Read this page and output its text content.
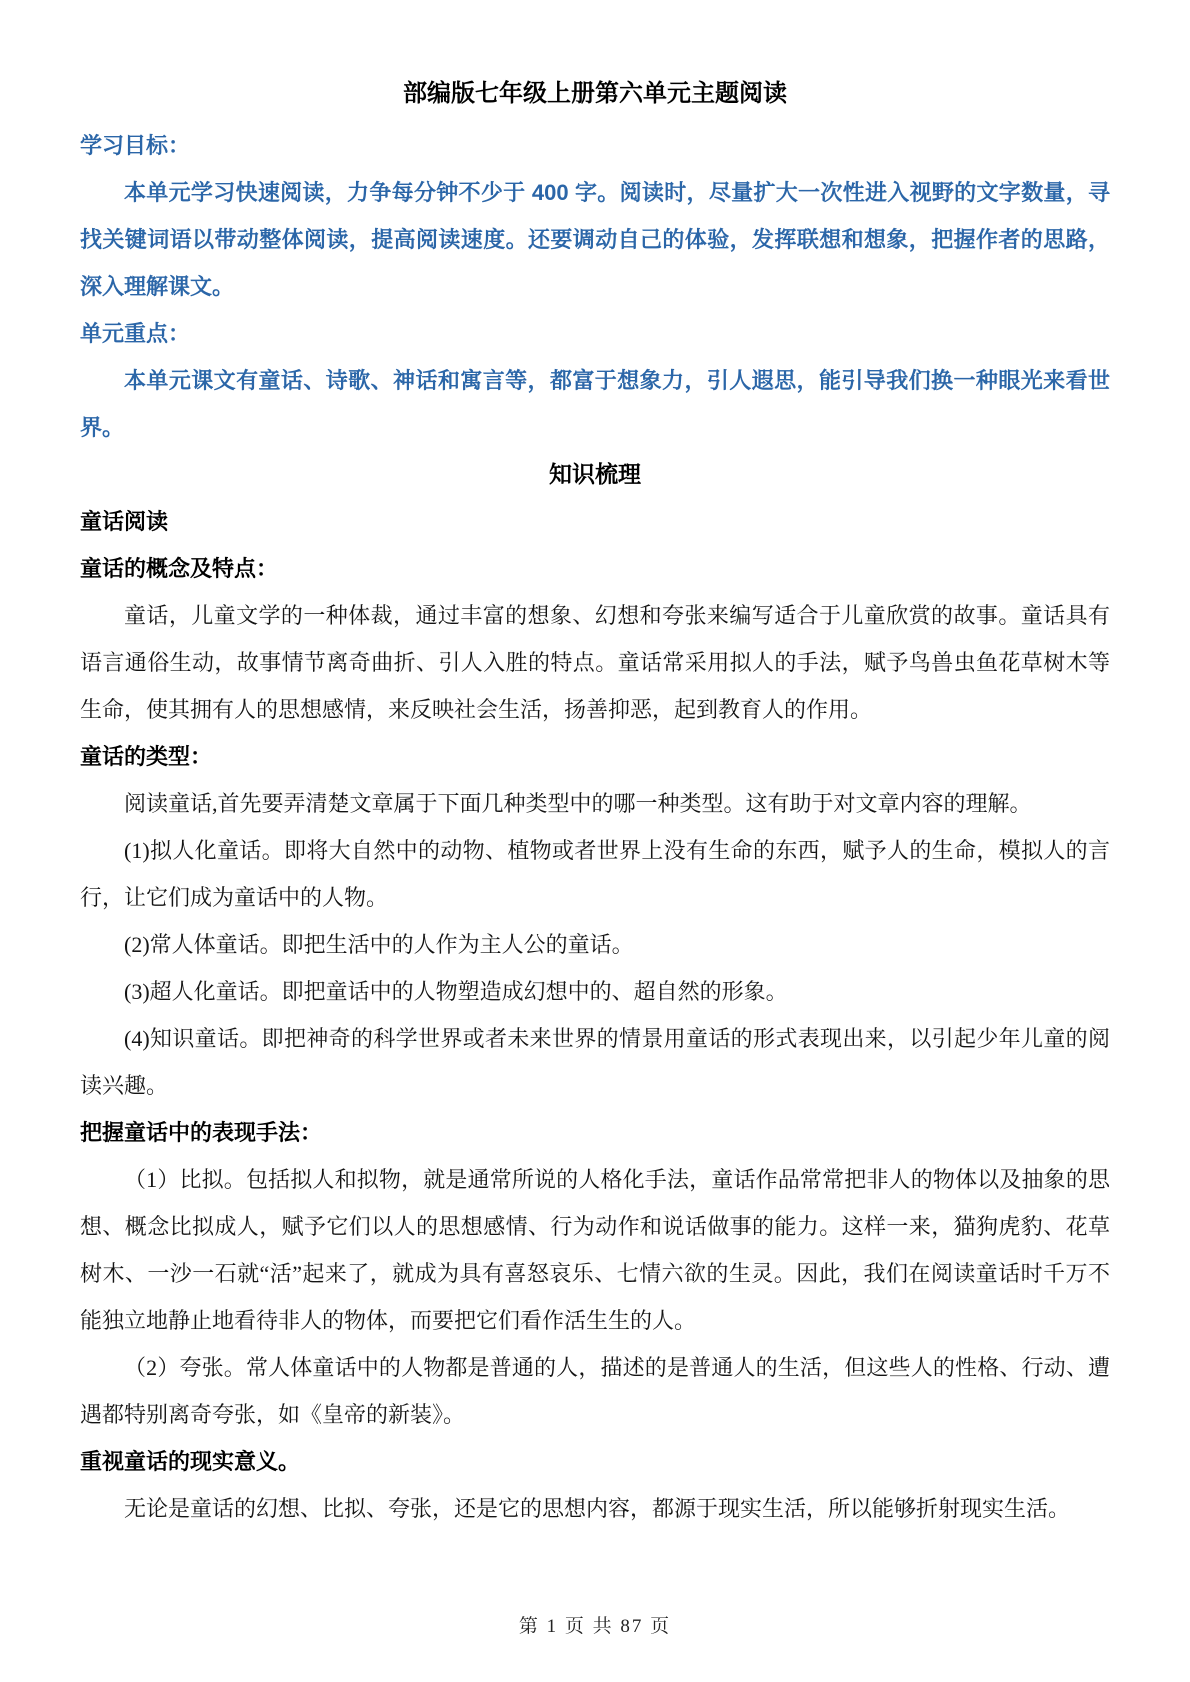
部编版七年级上册第六单元主题阅读
学习目标：

本单元学习快速阅读，力争每分钟不少于 400 字。阅读时，尽量扩大一次性进入视野的文字数量，寻找关键词语以带动整体阅读，提高阅读速度。还要调动自己的体验，发挥联想和想象，把握作者的思路，深入理解课文。

单元重点：

本单元课文有童话、诗歌、神话和寓言等，都富于想象力，引人遐思，能引导我们换一种眼光来看世界。

知识梳理
童话阅读
童话的概念及特点：

童话，儿童文学的一种体裁，通过丰富的想象、幻想和夸张来编写适合于儿童欣赏的故事。童话具有语言通俗生动，故事情节离奇曲折、引人入胜的特点。童话常采用拟人的手法，赋予鸟兽虫鱼花草树木等生命，使其拥有人的思想感情，来反映社会生活，扬善抑恶，起到教育人的作用。

童话的类型：

阅读童话,首先要弄清楚文章属于下面几种类型中的哪一种类型。这有助于对文章内容的理解。

(1)拟人化童话。即将大自然中的动物、植物或者世界上没有生命的东西，赋予人的生命，模拟人的言行，让它们成为童话中的人物。

(2)常人体童话。即把生活中的人作为主人公的童话。

(3)超人化童话。即把童话中的人物塑造成幻想中的、超自然的形象。

(4)知识童话。即把神奇的科学世界或者未来世界的情景用童话的形式表现出来，以引起少年儿童的阅读兴趣。

把握童话中的表现手法：

（1）比拟。包括拟人和拟物，就是通常所说的人格化手法，童话作品常常把非人的物体以及抽象的思想、概念比拟成人，赋予它们以人的思想感情、行为动作和说话做事的能力。这样一来，猫狗虎豹、花草树木、一沙一石就“活”起来了，就成为具有喜怒哀乐、七情六欲的生灵。因此，我们在阅读童话时千万不能独立地静止地看待非人的物体，而要把它们看作活生生的人。

（2）夸张。常人体童话中的人物都是普通的人，描述的是普通人的生活，但这些人的性格、行动、遭遇都特别离奇夸张，如《皇帝的新装》。

重视童话的现实意义。

无论是童话的幻想、比拟、夸张，还是它的思想内容，都源于现实生活，所以能够折射现实生活。

第 1 页 共 87 页
